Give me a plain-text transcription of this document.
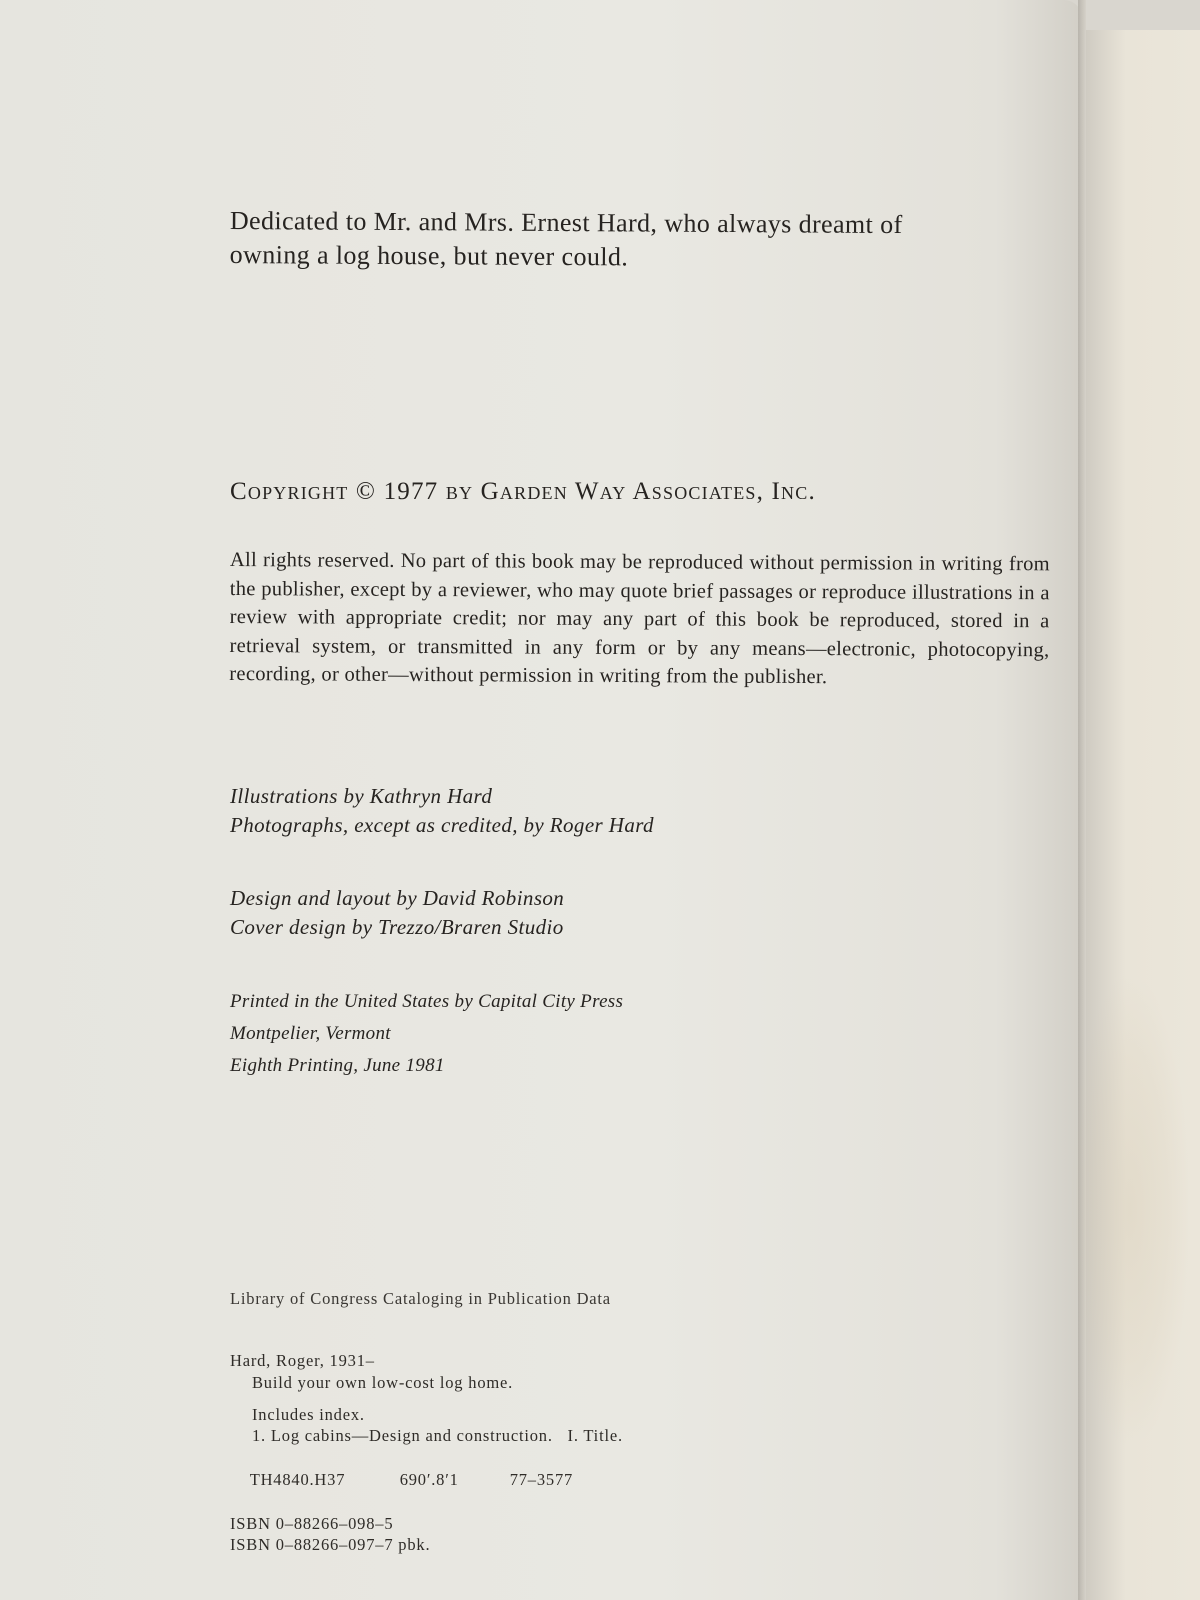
Dedicated to Mr. and Mrs. Ernest Hard, who always dreamt of
owning a log house, but never could.
Copyright © 1977 by Garden Way Associates, Inc.
All rights reserved. No part of this book may be reproduced without permission in writing from the publisher, except by a reviewer, who may quote brief passages or reproduce illustrations in a review with appropriate credit; nor may any part of this book be reproduced, stored in a retrieval system, or transmitted in any form or by any means—electronic, photocopying, recording, or other—without permission in writing from the publisher.
Illustrations by Kathryn Hard
Photographs, except as credited, by Roger Hard
Design and layout by David Robinson
Cover design by Trezzo/Braren Studio
Printed in the United States by Capital City Press
Montpelier, Vermont
Eighth Printing, June 1981
Library of Congress Cataloging in Publication Data
Hard, Roger, 1931–
Build your own low-cost log home.
Includes index.
1. Log cabins—Design and construction.   I. Title.

TH4840.H37	690′.8′1	77–3577

ISBN 0–88266–098–5
ISBN 0–88266–097–7 pbk.
